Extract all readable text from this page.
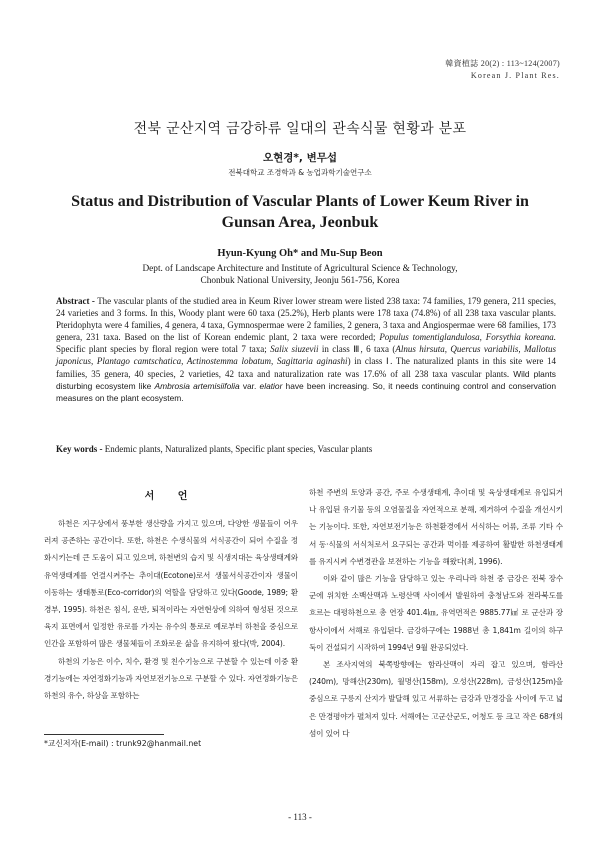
韓資植誌 20(2) : 113~124(2007)
Korean J. Plant Res.
전북 군산지역 금강하류 일대의 관속식물 현황과 분포
오현경*, 변무섭
전북대학교 조경학과 & 농업과학기술연구소
Status and Distribution of Vascular Plants of Lower Keum River in Gunsan Area, Jeonbuk
Hyun-Kyung Oh* and Mu-Sup Beon
Dept. of Landscape Architecture and Institute of Agricultural Science & Technology,
Chonbuk National University, Jeonju 561-756, Korea
Abstract - The vascular plants of the studied area in Keum River lower stream were listed 238 taxa: 74 families, 179 genera, 211 species, 24 varieties and 3 forms. In this, Woody plant were 60 taxa (25.2%), Herb plants were 178 taxa (74.8%) of all 238 taxa vascular plants. Pteridophyta were 4 families, 4 genera, 4 taxa, Gymnospermae were 2 families, 2 genera, 3 taxa and Angiospermae were 68 families, 173 genera, 231 taxa. Based on the list of Korean endemic plant, 2 taxa were recorded; Populus tomentiglandulosa, Forsythia koreana. Specific plant species by floral region were total 7 taxa; Salix siuzevii in class Ⅲ, 6 taxa (Alnus hirsuta, Quercus variabilis, Mallotus japonicus, Plantago camtschatica, Actinostemma lobatum, Sagittaria aginashi) in class Ⅰ. The naturalized plants in this site were 14 families, 35 genera, 40 species, 2 varieties, 42 taxa and naturalization rate was 17.6% of all 238 taxa vascular plants. Wild plants disturbing ecosystem like Ambrosia artemisiifolia var. elatior have been increasing. So, it needs continuing control and conservation measures on the plant ecosystem.
Key words - Endemic plants, Naturalized plants, Specific plant species, Vascular plants
서 언

하천은 지구상에서 풍부한 생산량을 가지고 있으며, 다양한 생물들이 어우러져 공존하는 공간이다. 또한, 하천은 수생식물의 서식공간이 되어 수질을 정화시키는데 큰 도움이 되고 있으며, 하천변의 습지 및 식생지대는 육상생태계와 유역생태계를 연결시켜주는 추이대(Ecotone)로서 생물서식공간이자 생물이 이동하는 생태통로(Eco-corridor)의 역할을 담당하고 있다(Goode, 1989; 환경부, 1995). 하천은 침식, 운반, 퇴적이라는 자연현상에 의하여 형성된 것으로 육지 표면에서 일정한 유로를 가지는 유수의 통로로 예로부터 하천을 중심으로 인간을 포함하여 많은 생물체들이 조화로운 삶을 유지하여 왔다(박, 2004).

하천의 기능은 이수, 치수, 환경 및 친수기능으로 구분할 수 있는데 이중 환경기능에는 자연정화기능과 자연보전기능으로 구분할 수 있다. 자연정화기능은 하천의 유수, 하상을 포함하는

하천 주변의 토양과 공간, 주로 수생생태계, 추이대 및 육상생태계로 유입되거나 유입된 유기물 등의 오염물질을 자연적으로 분해, 제거하여 수질을 개선시키는 기능이다. 또한, 자연보전기능은 하천환경에서 서식하는 어류, 조류 기타 수서 동·식물의 서식처로서 요구되는 공간과 먹이를 제공하여 활발한 하천생태계를 유지시켜 수변경관을 보전하는 기능을 해왔다(최, 1996).

이와 같이 많은 기능을 담당하고 있는 우리나라 하천 중 금강은 전북 장수군에 위치한 소백산맥과 노령산맥 사이에서 발원하여 충청남도와 전라북도를 흐르는 대평하천으로 총 연장 401.4㎞, 유역면적은 9885.77㎢ 로 군산과 장항사이에서 서해로 유입된다. 금강하구에는 1988년 총 1,841m 길이의 하구둑이 건설되기 시작하여 1994년 9월 완공되었다.

본 조사지역의 북쪽방향에는 함라산맥이 자리 잡고 있으며, 함라산(240m), 망해산(230m), 월명산(158m), 오성산(228m), 금성산(125m)을 중심으로 구릉지 산지가 발달해 있고 서류하는 금강과 만경강을 사이에 두고 넓은 만경평야가 펼쳐져 있다. 서해에는 고군산군도, 어청도 등 크고 작은 68개의 섬이 있어 다

*교신저자(E-mail) : trunk92@hanmail.net
- 113 -
